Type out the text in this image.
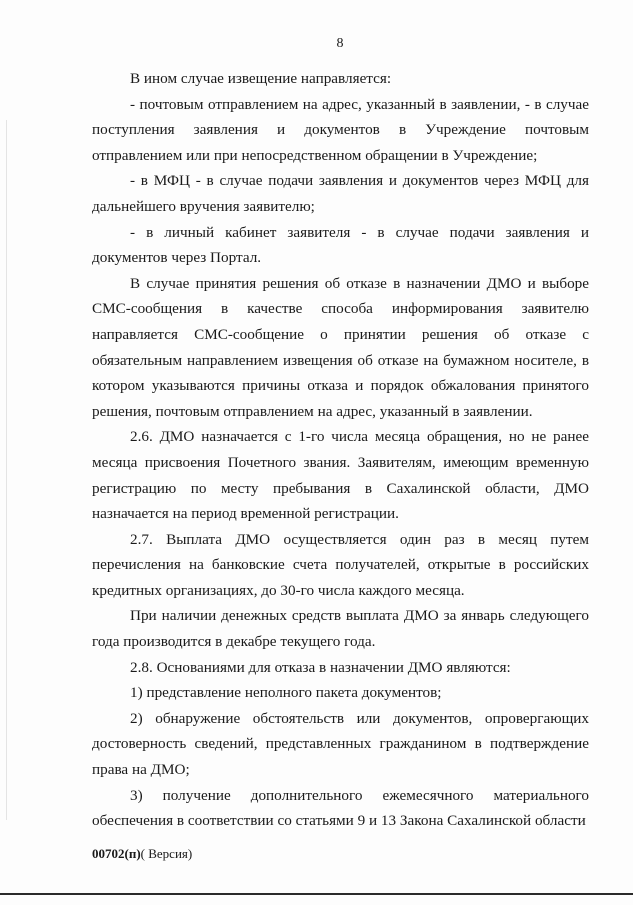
8

В ином случае извещение направляется:

- почтовым отправлением на адрес, указанный в заявлении, - в случае поступления заявления и документов в Учреждение почтовым отправлением или при непосредственном обращении в Учреждение;

- в МФЦ - в случае подачи заявления и документов через МФЦ для дальнейшего вручения заявителю;

- в личный кабинет заявителя - в случае подачи заявления и документов через Портал.

В случае принятия решения об отказе в назначении ДМО и выборе СМС-сообщения в качестве способа информирования заявителю направляется СМС-сообщение о принятии решения об отказе с обязательным направлением извещения об отказе на бумажном носителе, в котором указываются причины отказа и порядок обжалования принятого решения, почтовым отправлением на адрес, указанный в заявлении.

2.6. ДМО назначается с 1-го числа месяца обращения, но не ранее месяца присвоения Почетного звания. Заявителям, имеющим временную регистрацию по месту пребывания в Сахалинской области, ДМО назначается на период временной регистрации.

2.7. Выплата ДМО осуществляется один раз в месяц путем перечисления на банковские счета получателей, открытые в российских кредитных организациях, до 30-го числа каждого месяца.

При наличии денежных средств выплата ДМО за январь следующего года производится в декабре текущего года.

2.8. Основаниями для отказа в назначении ДМО являются:

1) представление неполного пакета документов;

2) обнаружение обстоятельств или документов, опровергающих достоверность сведений, представленных гражданином в подтверждение права на ДМО;

3) получение дополнительного ежемесячного материального обеспечения в соответствии со статьями 9 и 13 Закона Сахалинской области

00702(п)( Версия)
